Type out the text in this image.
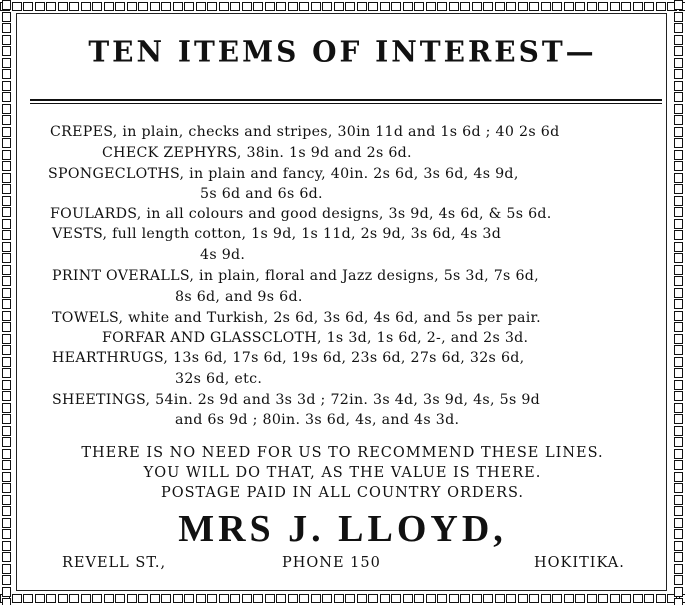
TEN ITEMS OF INTEREST—
CREPES, in plain, checks and stripes, 30in 11d and 1s 6d ; 40 2s 6d
CHECK ZEPHYRS, 38in. 1s 9d and 2s 6d.
SPONGECLOTHS, in plain and fancy, 40in. 2s 6d, 3s 6d, 4s 9d,
5s 6d and 6s 6d.
FOULARDS, in all colours and good designs, 3s 9d, 4s 6d, & 5s 6d.
VESTS, full length cotton, 1s 9d, 1s 11d, 2s 9d, 3s 6d, 4s 3d
4s 9d.
PRINT OVERALLS, in plain, floral and Jazz designs, 5s 3d, 7s 6d,
8s 6d, and 9s 6d.
TOWELS, white and Turkish, 2s 6d, 3s 6d, 4s 6d, and 5s per pair.
FORFAR AND GLASSCLOTH, 1s 3d, 1s 6d, 2-, and 2s 3d.
HEARTHRUGS, 13s 6d, 17s 6d, 19s 6d, 23s 6d, 27s 6d, 32s 6d,
32s 6d, etc.
SHEETINGS, 54in. 2s 9d and 3s 3d ; 72in. 3s 4d, 3s 9d, 4s, 5s 9d
and 6s 9d ; 80in. 3s 6d, 4s, and 4s 3d.
THERE IS NO NEED FOR US TO RECOMMEND THESE LINES.
YOU WILL DO THAT, AS THE VALUE IS THERE.
POSTAGE PAID IN ALL COUNTRY ORDERS.
MRS J. LLOYD,
REVELL ST.,	PHONE 150	HOKITIKA.
